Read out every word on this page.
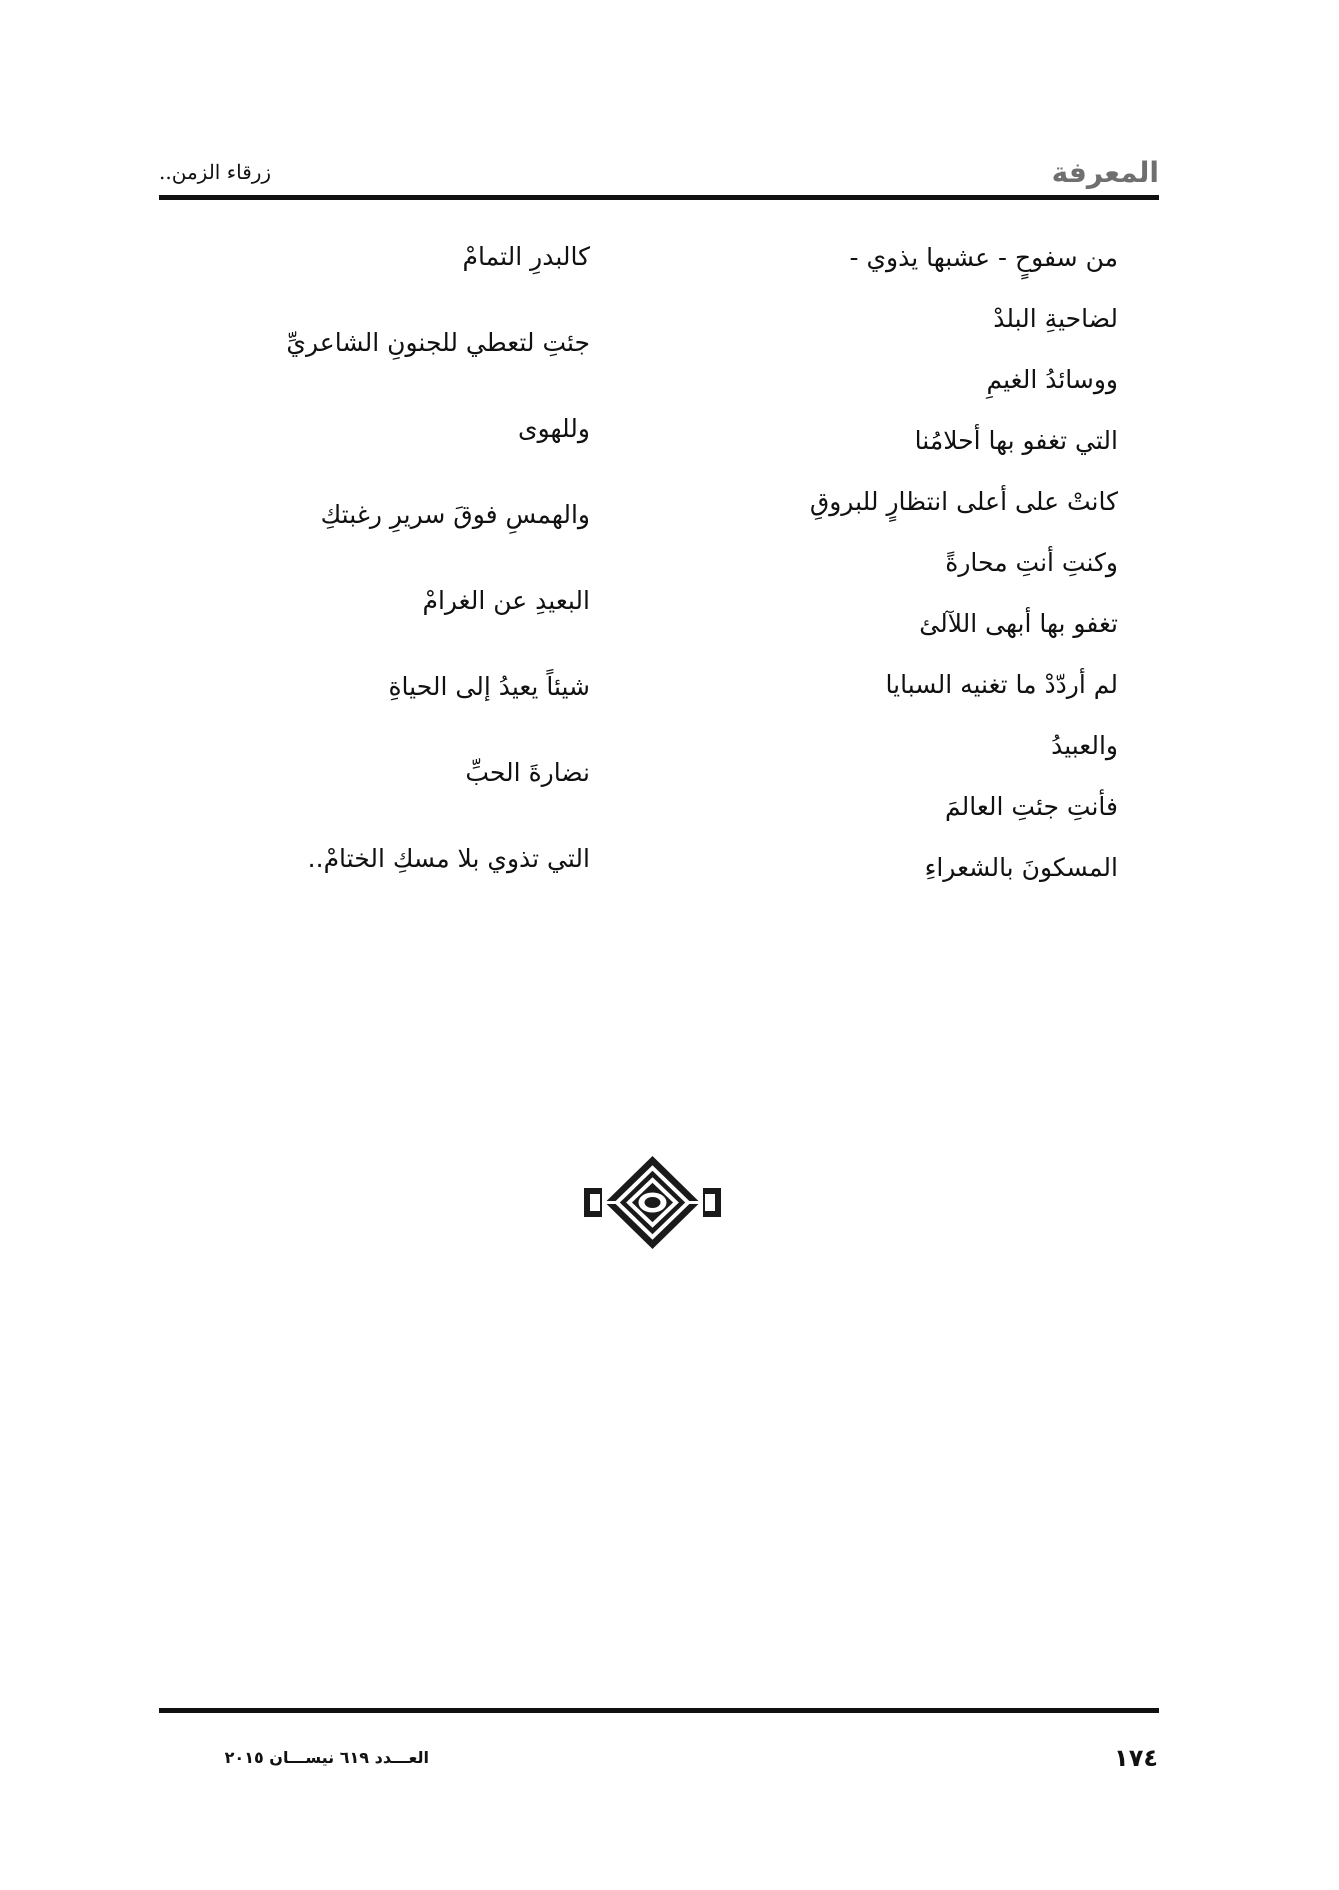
المعرفة
زرقاء الزمن..
من سفوحٍ - عشبها يذوي -
لضاحيةِ البلدْ
ووسائدُ الغيمِ
التي تغفو بها أحلامُنا
كانتْ على أعلى انتظارٍ للبروقِ
وكنتِ أنتِ محارةً
تغفو بها أبهى اللآلئ
لم أردّدْ ما تغنيه السبايا
والعبيدُ
فأنتِ جئتِ العالمَ
المسكونَ بالشعراءِ
كالبدرِ التمامْ
جئتِ لتعطي للجنونِ الشاعريِّ
وللهوى
والهمسِ فوقَ سريرِ رغبتكِ
البعيدِ عن الغرامْ
شيئاً يعيدُ إلى الحياةِ
نضارةَ الحبِّ
التي تذوي بلا مسكِ الختامْ..
العـــدد ٦١٩ نيســـان ٢٠١٥	١٧٤
